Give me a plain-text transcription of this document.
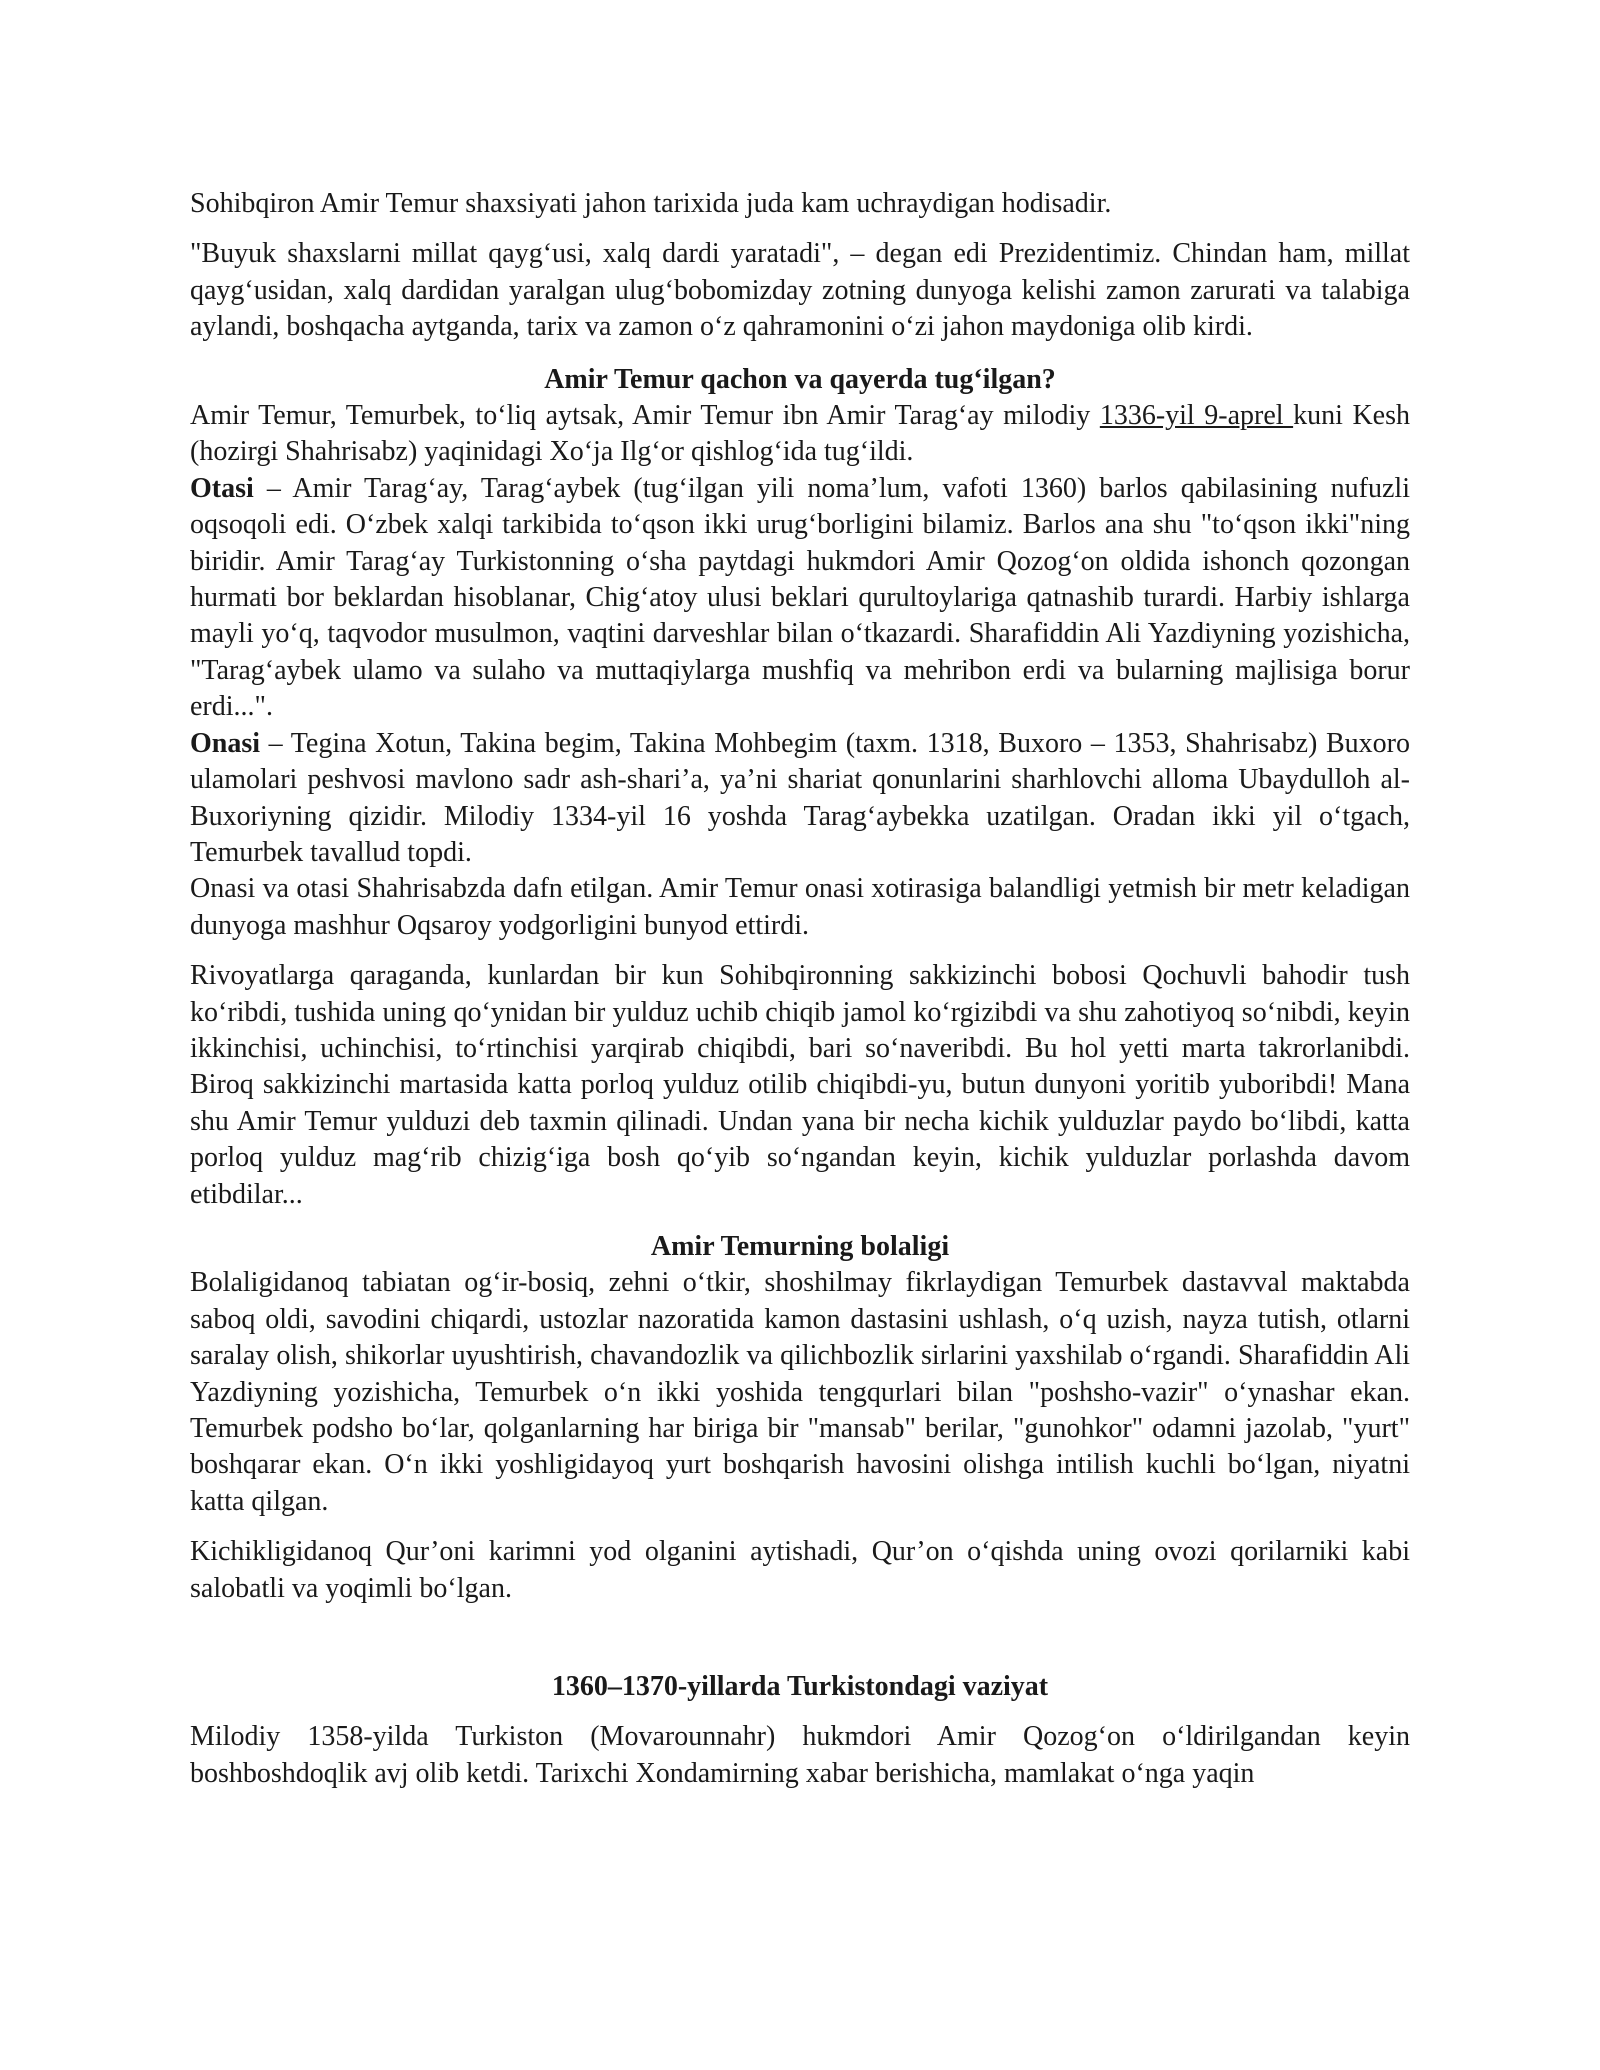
Sohibqiron Amir Temur shaxsiyati jahon tarixida juda kam uchraydigan hodisadir.

"Buyuk shaxslarni millat qayg‘usi, xalq dardi yaratadi", – degan edi Prezidentimiz. Chindan ham, millat qayg‘usidan, xalq dardidan yaralgan ulug‘bobomizday zotning dunyoga kelishi zamon zarurati va talabiga aylandi, boshqacha aytganda, tarix va zamon o‘z qahramonini o‘zi jahon maydoniga olib kirdi.

Amir Temur qachon va qayerda tug‘ilgan?

Amir Temur, Temurbek, to‘liq aytsak, Amir Temur ibn Amir Tarag‘ay milodiy 1336-yil 9-aprel kuni Kesh (hozirgi Shahrisabz) yaqinidagi Xo‘ja Ilg‘or qishlog‘ida tug‘ildi.

Otasi – Amir Tarag‘ay, Tarag‘aybek (tug‘ilgan yili noma’lum, vafoti 1360) barlos qabilasining nufuzli oqsoqoli edi. O‘zbek xalqi tarkibida to‘qson ikki urug‘borligini bilamiz. Barlos ana shu "to‘qson ikki"ning biridir. Amir Tarag‘ay Turkistonning o‘sha paytdagi hukmdori Amir Qozog‘on oldida ishonch qozongan hurmati bor beklardan hisoblanar, Chig‘atoy ulusi beklari qurultoylariga qatnashib turardi. Harbiy ishlarga mayli yo‘q, taqvodor musulmon, vaqtini darveshlar bilan o‘tkazardi. Sharafiddin Ali Yazdiyning yozishicha, "Tarag‘aybek ulamo va sulaho va muttaqiylarga mushfiq va mehribon erdi va bularning majlisiga borur erdi...".

Onasi – Tegina Xotun, Takina begim, Takina Mohbegim (taxm. 1318, Buxoro – 1353, Shahrisabz) Buxoro ulamolari peshvosi mavlono sadr ash-shari’a, ya’ni shariat qonunlarini sharhlovchi alloma Ubaydulloh al-Buxoriyning qizidir. Milodiy 1334-yil 16 yoshda Tarag‘aybekka uzatilgan. Oradan ikki yil o‘tgach, Temurbek tavallud topdi.

Onasi va otasi Shahrisabzda dafn etilgan. Amir Temur onasi xotirasiga balandligi yetmish bir metr keladigan dunyoga mashhur Oqsaroy yodgorligini bunyod ettirdi.

Rivoyatlarga qaraganda, kunlardan bir kun Sohibqironning sakkizinchi bobosi Qochuvli bahodir tush ko‘ribdi, tushida uning qo‘ynidan bir yulduz uchib chiqib jamol ko‘rgizibdi va shu zahotiyoq so‘nibdi, keyin ikkinchisi, uchinchisi, to‘rtinchisi yarqirab chiqibdi, bari so‘naveribdi. Bu hol yetti marta takrorlanibdi. Biroq sakkizinchi martasida katta porloq yulduz otilib chiqibdi-yu, butun dunyoni yoritib yuboribdi! Mana shu Amir Temur yulduzi deb taxmin qilinadi. Undan yana bir necha kichik yulduzlar paydo bo‘libdi, katta porloq yulduz mag‘rib chizig‘iga bosh qo‘yib so‘ngandan keyin, kichik yulduzlar porlashda davom etibdilar...

Amir Temurning bolaligi

Bolaligidanoq tabiatan og‘ir-bosiq, zehni o‘tkir, shoshilmay fikrlaydigan Temurbek dastavval maktabda saboq oldi, savodini chiqardi, ustozlar nazoratida kamon dastasini ushlash, o‘q uzish, nayza tutish, otlarni saralay olish, shikorlar uyushtirish, chavandozlik va qilichbozlik sirlarini yaxshilab o‘rgandi. Sharafiddin Ali Yazdiyning yozishicha, Temurbek o‘n ikki yoshida tengqurlari bilan "poshsho-vazir" o‘ynashar ekan. Temurbek podsho bo‘lar, qolganlarning har biriga bir "mansab" berilar, "gunohkor" odamni jazolab, "yurt" boshqarar ekan. O‘n ikki yoshligidayoq yurt boshqarish havosini olishga intilish kuchli bo‘lgan, niyatni katta qilgan.

Kichikligidanoq Qur’oni karimni yod olganini aytishadi, Qur’on o‘qishda uning ovozi qorilarniki kabi salobatli va yoqimli bo‘lgan.

1360–1370-yillarda Turkistondagi vaziyat

Milodiy 1358-yilda Turkiston (Movarounnahr) hukmdori Amir Qozog‘on o‘ldirilgandan keyin boshboshdoqlik avj olib ketdi. Tarixchi Xondamirning xabar berishicha, mamlakat o‘nga yaqin
